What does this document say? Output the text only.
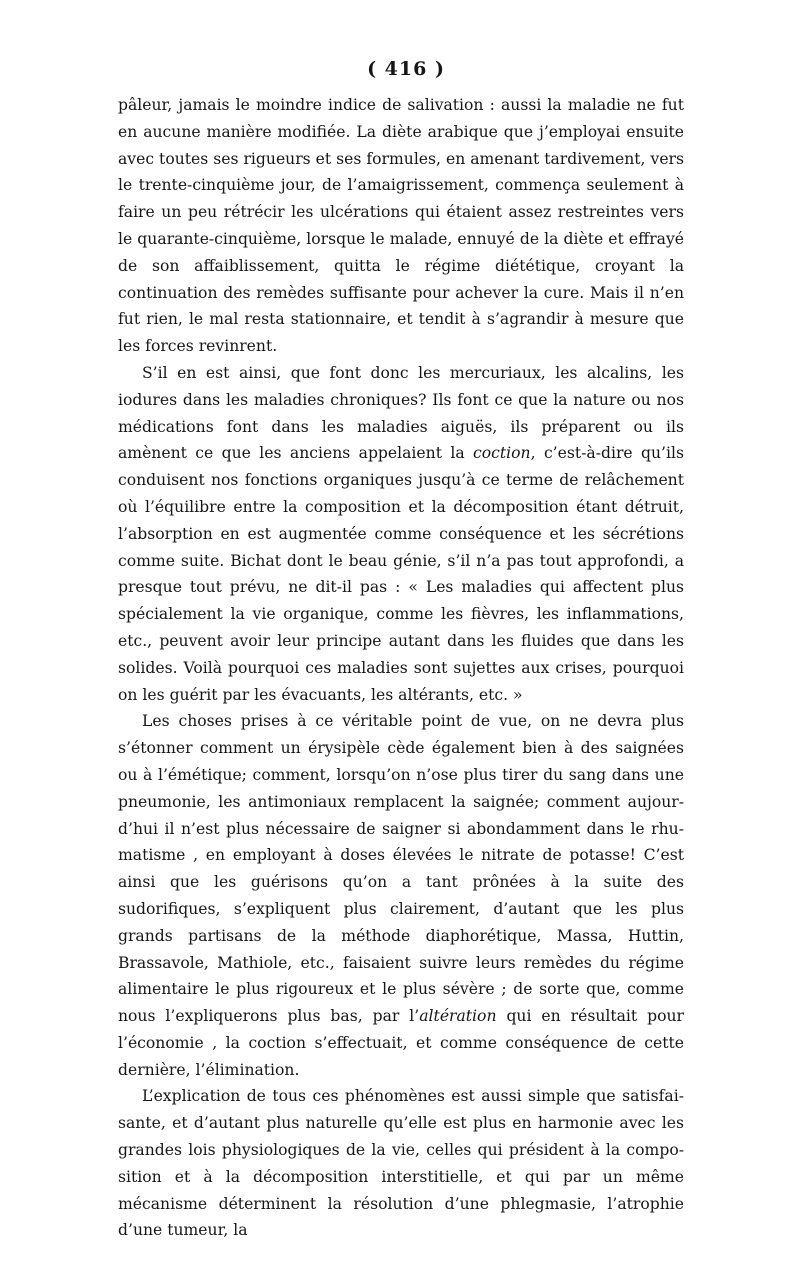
( 416 )

pâleur, jamais le moindre indice de salivation : aussi la maladie ne fut en aucune manière modifiée. La diète arabique que j’employai ensuite avec toutes ses rigueurs et ses formules, en amenant tardivement, vers le trente-cinquième jour, de l’amaigrissement, commença seulement à faire un peu rétrécir les ulcérations qui étaient assez restreintes vers le quarante-cinquième, lorsque le malade, ennuyé de la diète et effrayé de son affaiblissement, quitta le régime diététique, croyant la continuation des remèdes suffisante pour achever la cure. Mais il n’en fut rien, le mal resta stationnaire, et tendit à s’agrandir à mesure que les forces revinrent.

S’il en est ainsi, que font donc les mercuriaux, les alcalins, les iodures dans les maladies chroniques? Ils font ce que la nature ou nos médications font dans les maladies aiguës, ils préparent ou ils amènent ce que les anciens appelaient la coction, c’est-à-dire qu’ils conduisent nos fonctions organiques jusqu’à ce terme de relâchement où l’équilibre entre la composition et la décomposition étant détruit, l’absorption en est augmentée comme conséquence et les sécrétions comme suite. Bichat dont le beau génie, s’il n’a pas tout approfondi, a presque tout prévu, ne dit-il pas : « Les maladies qui affectent plus spécialement la vie organique, comme les fièvres, les inflammations, etc., peuvent avoir leur principe autant dans les fluides que dans les solides. Voilà pourquoi ces maladies sont sujettes aux crises, pourquoi on les guérit par les évacuants, les altérants, etc. »

Les choses prises à ce véritable point de vue, on ne devra plus s’étonner comment un érysipèle cède également bien à des saignées ou à l’émétique; comment, lorsqu’on n’ose plus tirer du sang dans une pneumonie, les antimoniaux remplacent la saignée; comment aujourd’hui il n’est plus nécessaire de saigner si abondamment dans le rhumatisme , en employant à doses élevées le nitrate de potasse! C’est ainsi que les guérisons qu’on a tant prônées à la suite des sudorifiques, s’expliquent plus clairement, d’autant que les plus grands partisans de la méthode diaphorétique, Massa, Huttin, Brassavole, Mathiole, etc., faisaient suivre leurs remèdes du régime alimentaire le plus rigoureux et le plus sévère ; de sorte que, comme nous l’expliquerons plus bas, par l’altération qui en résultait pour l’économie , la coction s’effectuait, et comme conséquence de cette dernière, l’élimination.

L’explication de tous ces phénomènes est aussi simple que satisfaisante, et d’autant plus naturelle qu’elle est plus en harmonie avec les grandes lois physiologiques de la vie, celles qui président à la composition et à la décomposition interstitielle, et qui par un même mécanisme déterminent la résolution d’une phlegmasie, l’atrophie d’une tumeur, la
